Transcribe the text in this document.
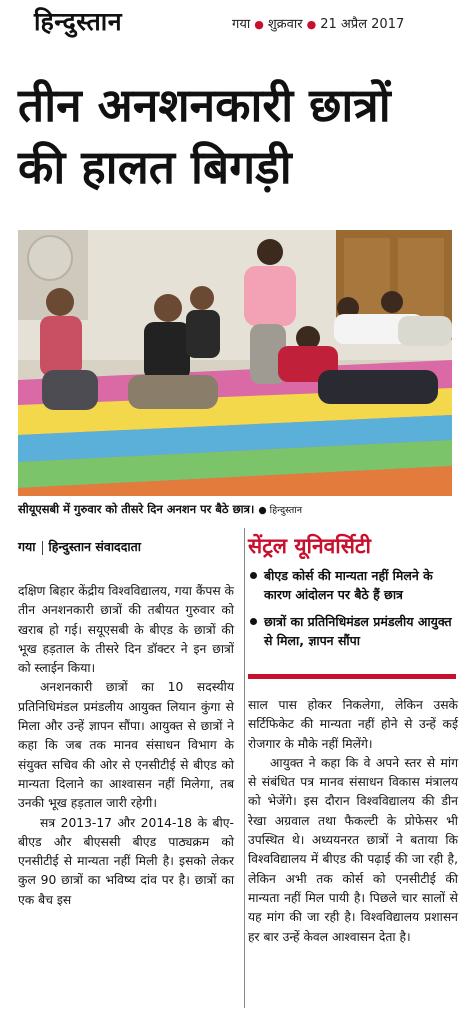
हिन्दुस्तान	गया ● शुक्रवार ● 21 अप्रैल 2017
तीन अनशनकारी छात्रों
की हालत बिगड़ी
सीयूएसबी में गुरुवार को तीसरे दिन अनशन पर बैठे छात्र। ● हिन्दुस्तान
गया हिन्दुस्तान संवाददाता	सेंट्रल यूनिवर्सिटी
बीएड कोर्स की मान्यता नहीं मिलने के कारण आंदोलन पर बैठे हैं छात्र
छात्रों का प्रतिनिधिमंडल प्रमंडलीय आयुक्त से मिला, ज्ञापन सौंपा

दक्षिण बिहार केंद्रीय विश्वविद्यालय, गया कैंपस के तीन अनशनकारी छात्रों की तबीयत गुरुवार को खराब हो गई। सयूएसबी के बीएड के छात्रों की भूख हड़ताल के तीसरे दिन डॉक्टर ने इन छात्रों को स्लाईन किया।

अनशनकारी छात्रों का 10 सदस्यीय प्रतिनिधिमंडल प्रमंडलीय आयुक्त लियान कुंगा से मिला और उन्हें ज्ञापन सौंपा। आयुक्त से छात्रों ने कहा कि जब तक मानव संसाधन विभाग के संयुक्त सचिव की ओर से एनसीटीई से बीएड को मान्यता दिलाने का आश्वासन नहीं मिलेगा, तब उनकी भूख हड़ताल जारी रहेगी।

सत्र 2013-17 और 2014-18 के बीए-बीएड और बीएससी बीएड पाठ्यक्रम को एनसीटीई से मान्यता नहीं मिली है। इसको लेकर कुल 90 छात्रों का भविष्य दांव पर है। छात्रों का एक बैच इस

साल पास होकर निकलेगा, लेकिन उसके सर्टिफिकेट की मान्यता नहीं होने से उन्हें कई रोजगार के मौके नहीं मिलेंगे।

आयुक्त ने कहा कि वे अपने स्तर से मांग से संबंधित पत्र मानव संसाधन विकास मंत्रालय को भेजेंगे। इस दौरान विश्वविद्यालय की डीन रेखा अग्रवाल तथा फैकल्टी के प्रोफेसर भी उपस्थित थे। अध्ययनरत छात्रों ने बताया कि विश्वविद्यालय में बीएड की पढ़ाई की जा रही है, लेकिन अभी तक कोर्स को एनसीटीई की मान्यता नहीं मिल पायी है। पिछले चार सालों से यह मांग की जा रही है। विश्वविद्यालय प्रशासन हर बार उन्हें केवल आश्वासन देता है।
